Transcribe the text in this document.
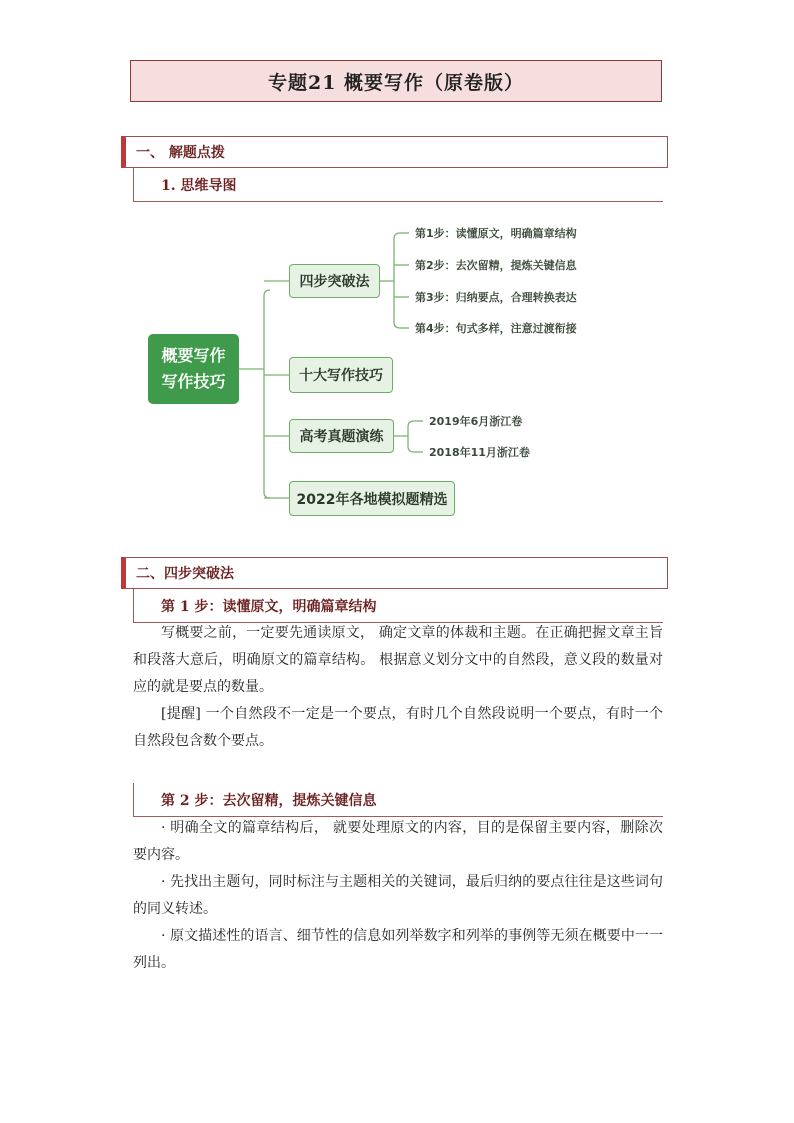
专题21 概要写作（原卷版）
一、 解题点拨
1. 思维导图
概要写作
写作技巧
四步突破法
十大写作技巧
高考真题演练
2022年各地模拟题精选
第1步：读懂原文，明确篇章结构
第2步：去次留精，提炼关键信息
第3步：归纳要点，合理转换表达
第4步：句式多样，注意过渡衔接
2019年6月浙江卷
2018年11月浙江卷
二、四步突破法
第 1 步：读懂原文，明确篇章结构

写概要之前，一定要先通读原文， 确定文章的体裁和主题。在正确把握文章主旨和段落大意后，明确原文的篇章结构。 根据意义划分文中的自然段，意义段的数量对应的就是要点的数量。

[提醒] 一个自然段不一定是一个要点，有时几个自然段说明一个要点，有时一个自然段包含数个要点。

第 2 步：去次留精，提炼关键信息

· 明确全文的篇章结构后， 就要处理原文的内容，目的是保留主要内容，删除次要内容。

· 先找出主题句，同时标注与主题相关的关键词，最后归纳的要点往往是这些词句的同义转述。

· 原文描述性的语言、细节性的信息如列举数字和列举的事例等无须在概要中一一列出。
